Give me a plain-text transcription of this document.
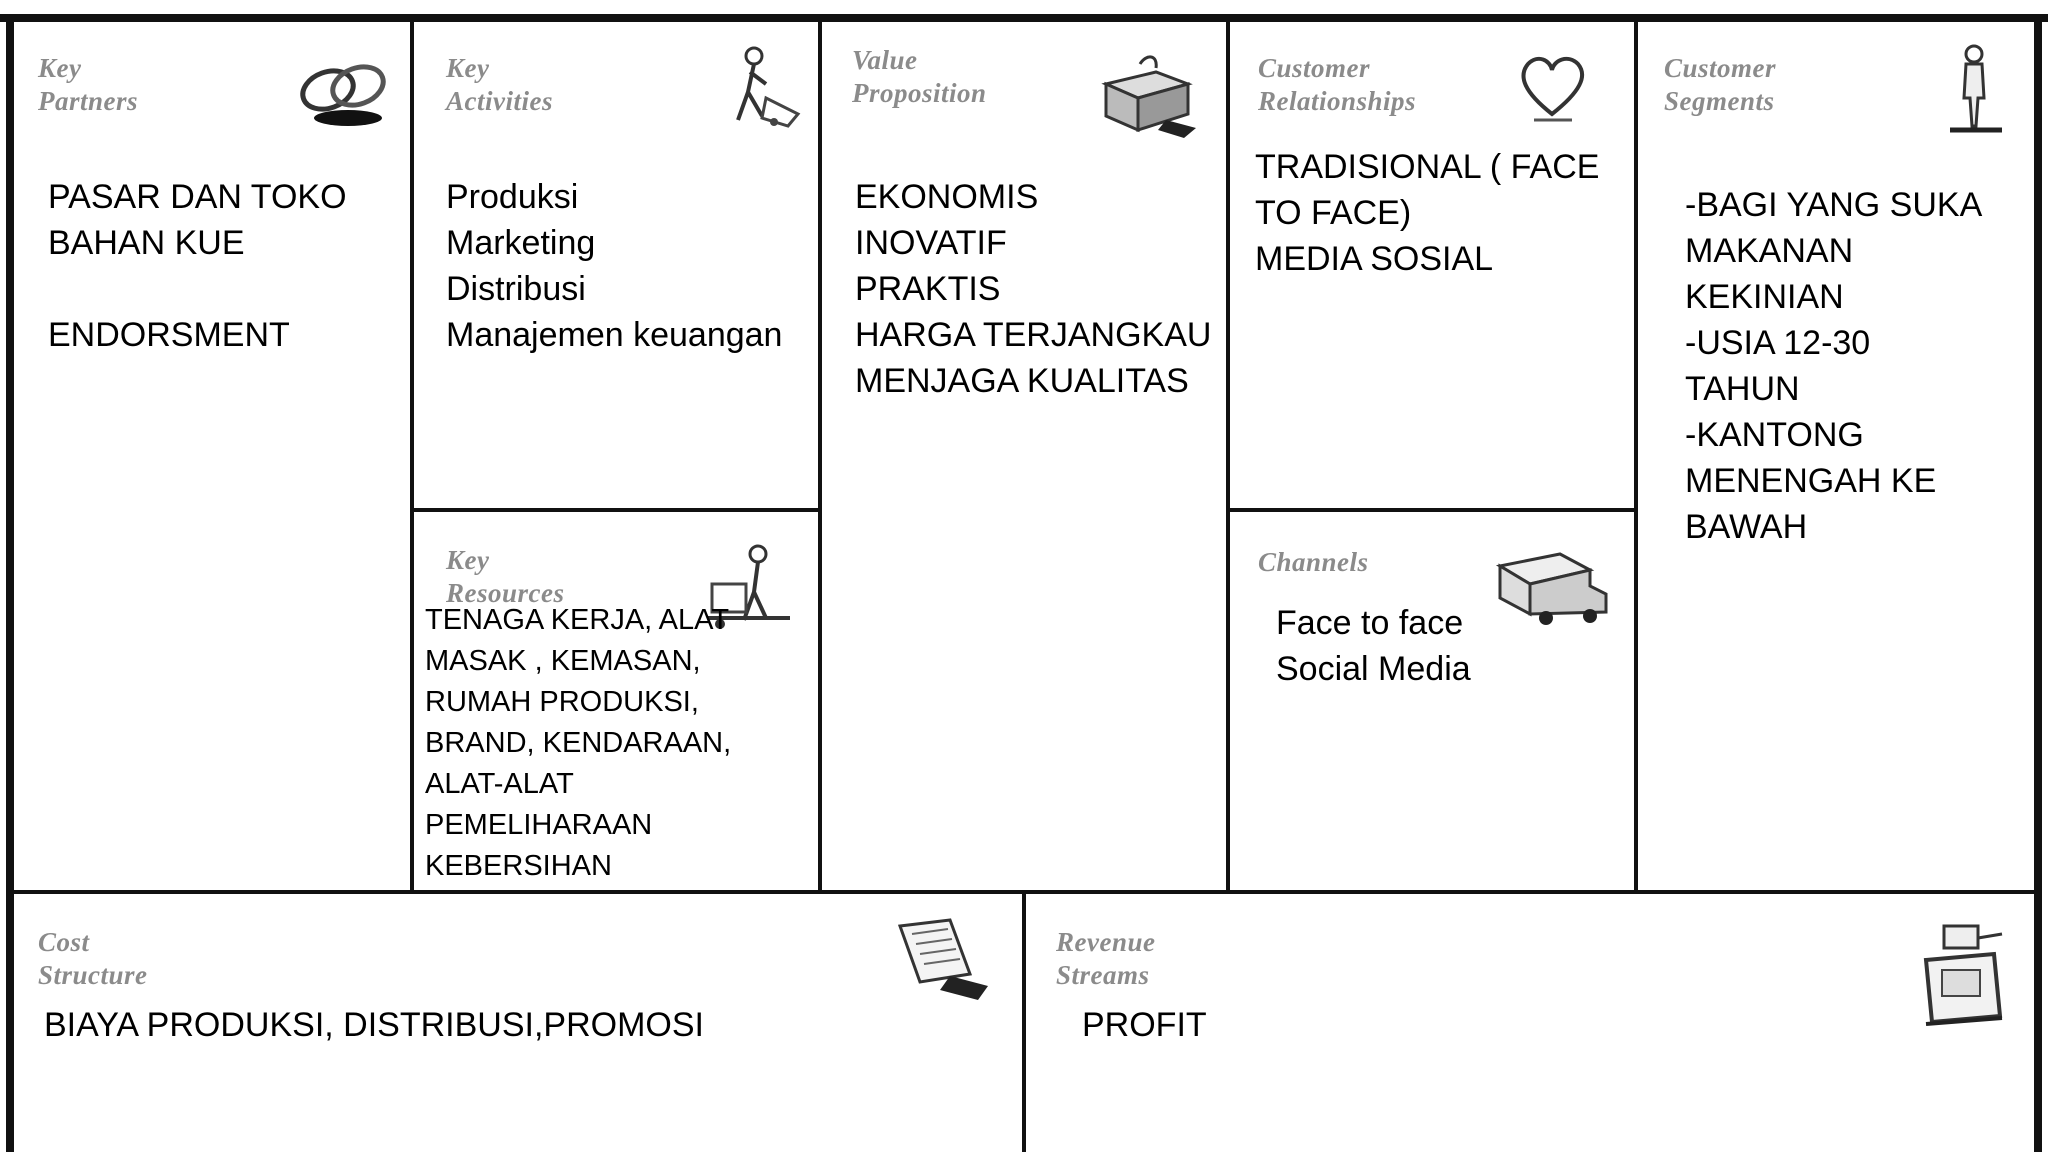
Key
Partners
PASAR DAN TOKO
BAHAN KUE
ENDORSMENT
Key
Activities
Produksi
Marketing
Distribusi
Manajemen keuangan
Key
Resources
TENAGA KERJA, ALAT
MASAK , KEMASAN,
RUMAH PRODUKSI,
BRAND, KENDARAAN,
ALAT-ALAT
PEMELIHARAAN
KEBERSIHAN
Value
Proposition
EKONOMIS
INOVATIF
PRAKTIS
HARGA TERJANGKAU
MENJAGA KUALITAS
Customer
Relationships
TRADISIONAL ( FACE
TO FACE)
MEDIA SOSIAL
Channels
Face to face
Social Media
Customer
Segments
-BAGI YANG SUKA
MAKANAN
KEKINIAN
-USIA 12-30
TAHUN
-KANTONG
MENENGAH KE
BAWAH
Cost
Structure
BIAYA PRODUKSI, DISTRIBUSI,PROMOSI
Revenue
Streams
PROFIT
